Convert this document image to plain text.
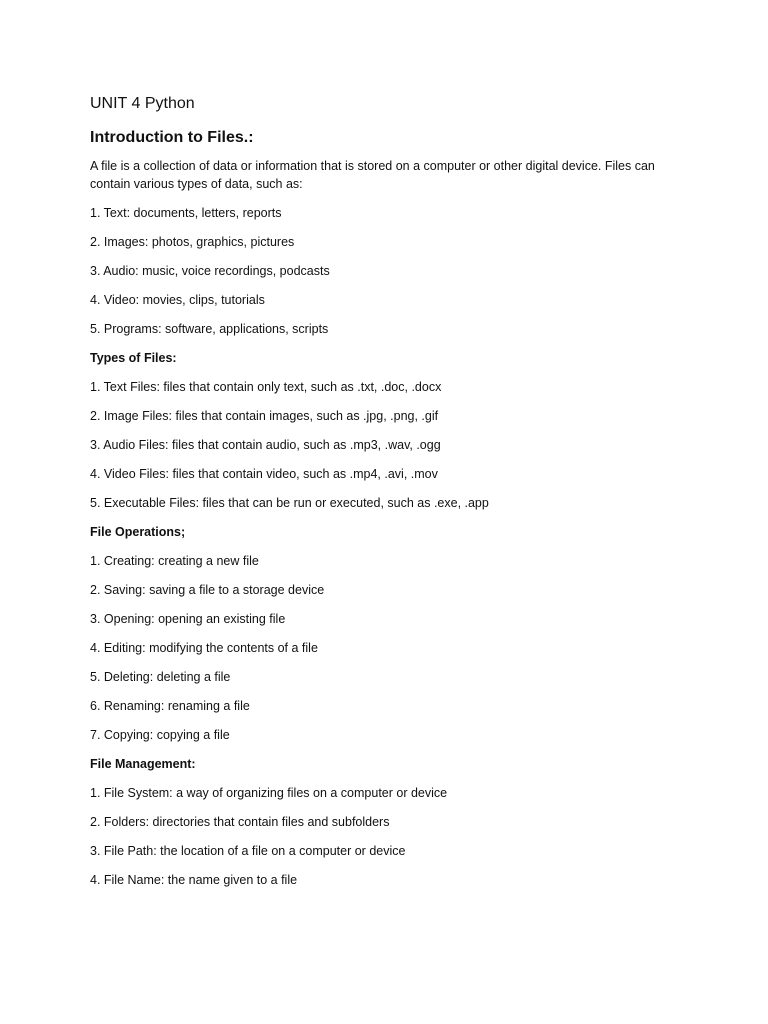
UNIT 4 Python
Introduction to Files.:

A file is a collection of data or information that is stored on a computer or other digital device. Files can contain various types of data, such as:

1. Text: documents, letters, reports
2. Images: photos, graphics, pictures
3. Audio: music, voice recordings, podcasts
4. Video: movies, clips, tutorials
5. Programs: software, applications, scripts

Types of Files:

1. Text Files: files that contain only text, such as .txt, .doc, .docx
2. Image Files: files that contain images, such as .jpg, .png, .gif
3. Audio Files: files that contain audio, such as .mp3, .wav, .ogg
4. Video Files: files that contain video, such as .mp4, .avi, .mov
5. Executable Files: files that can be run or executed, such as .exe, .app

File Operations;

1. Creating: creating a new file
2. Saving: saving a file to a storage device
3. Opening: opening an existing file
4. Editing: modifying the contents of a file
5. Deleting: deleting a file
6. Renaming: renaming a file
7. Copying: copying a file

File Management:

1. File System: a way of organizing files on a computer or device
2. Folders: directories that contain files and subfolders
3. File Path: the location of a file on a computer or device
4. File Name: the name given to a file
